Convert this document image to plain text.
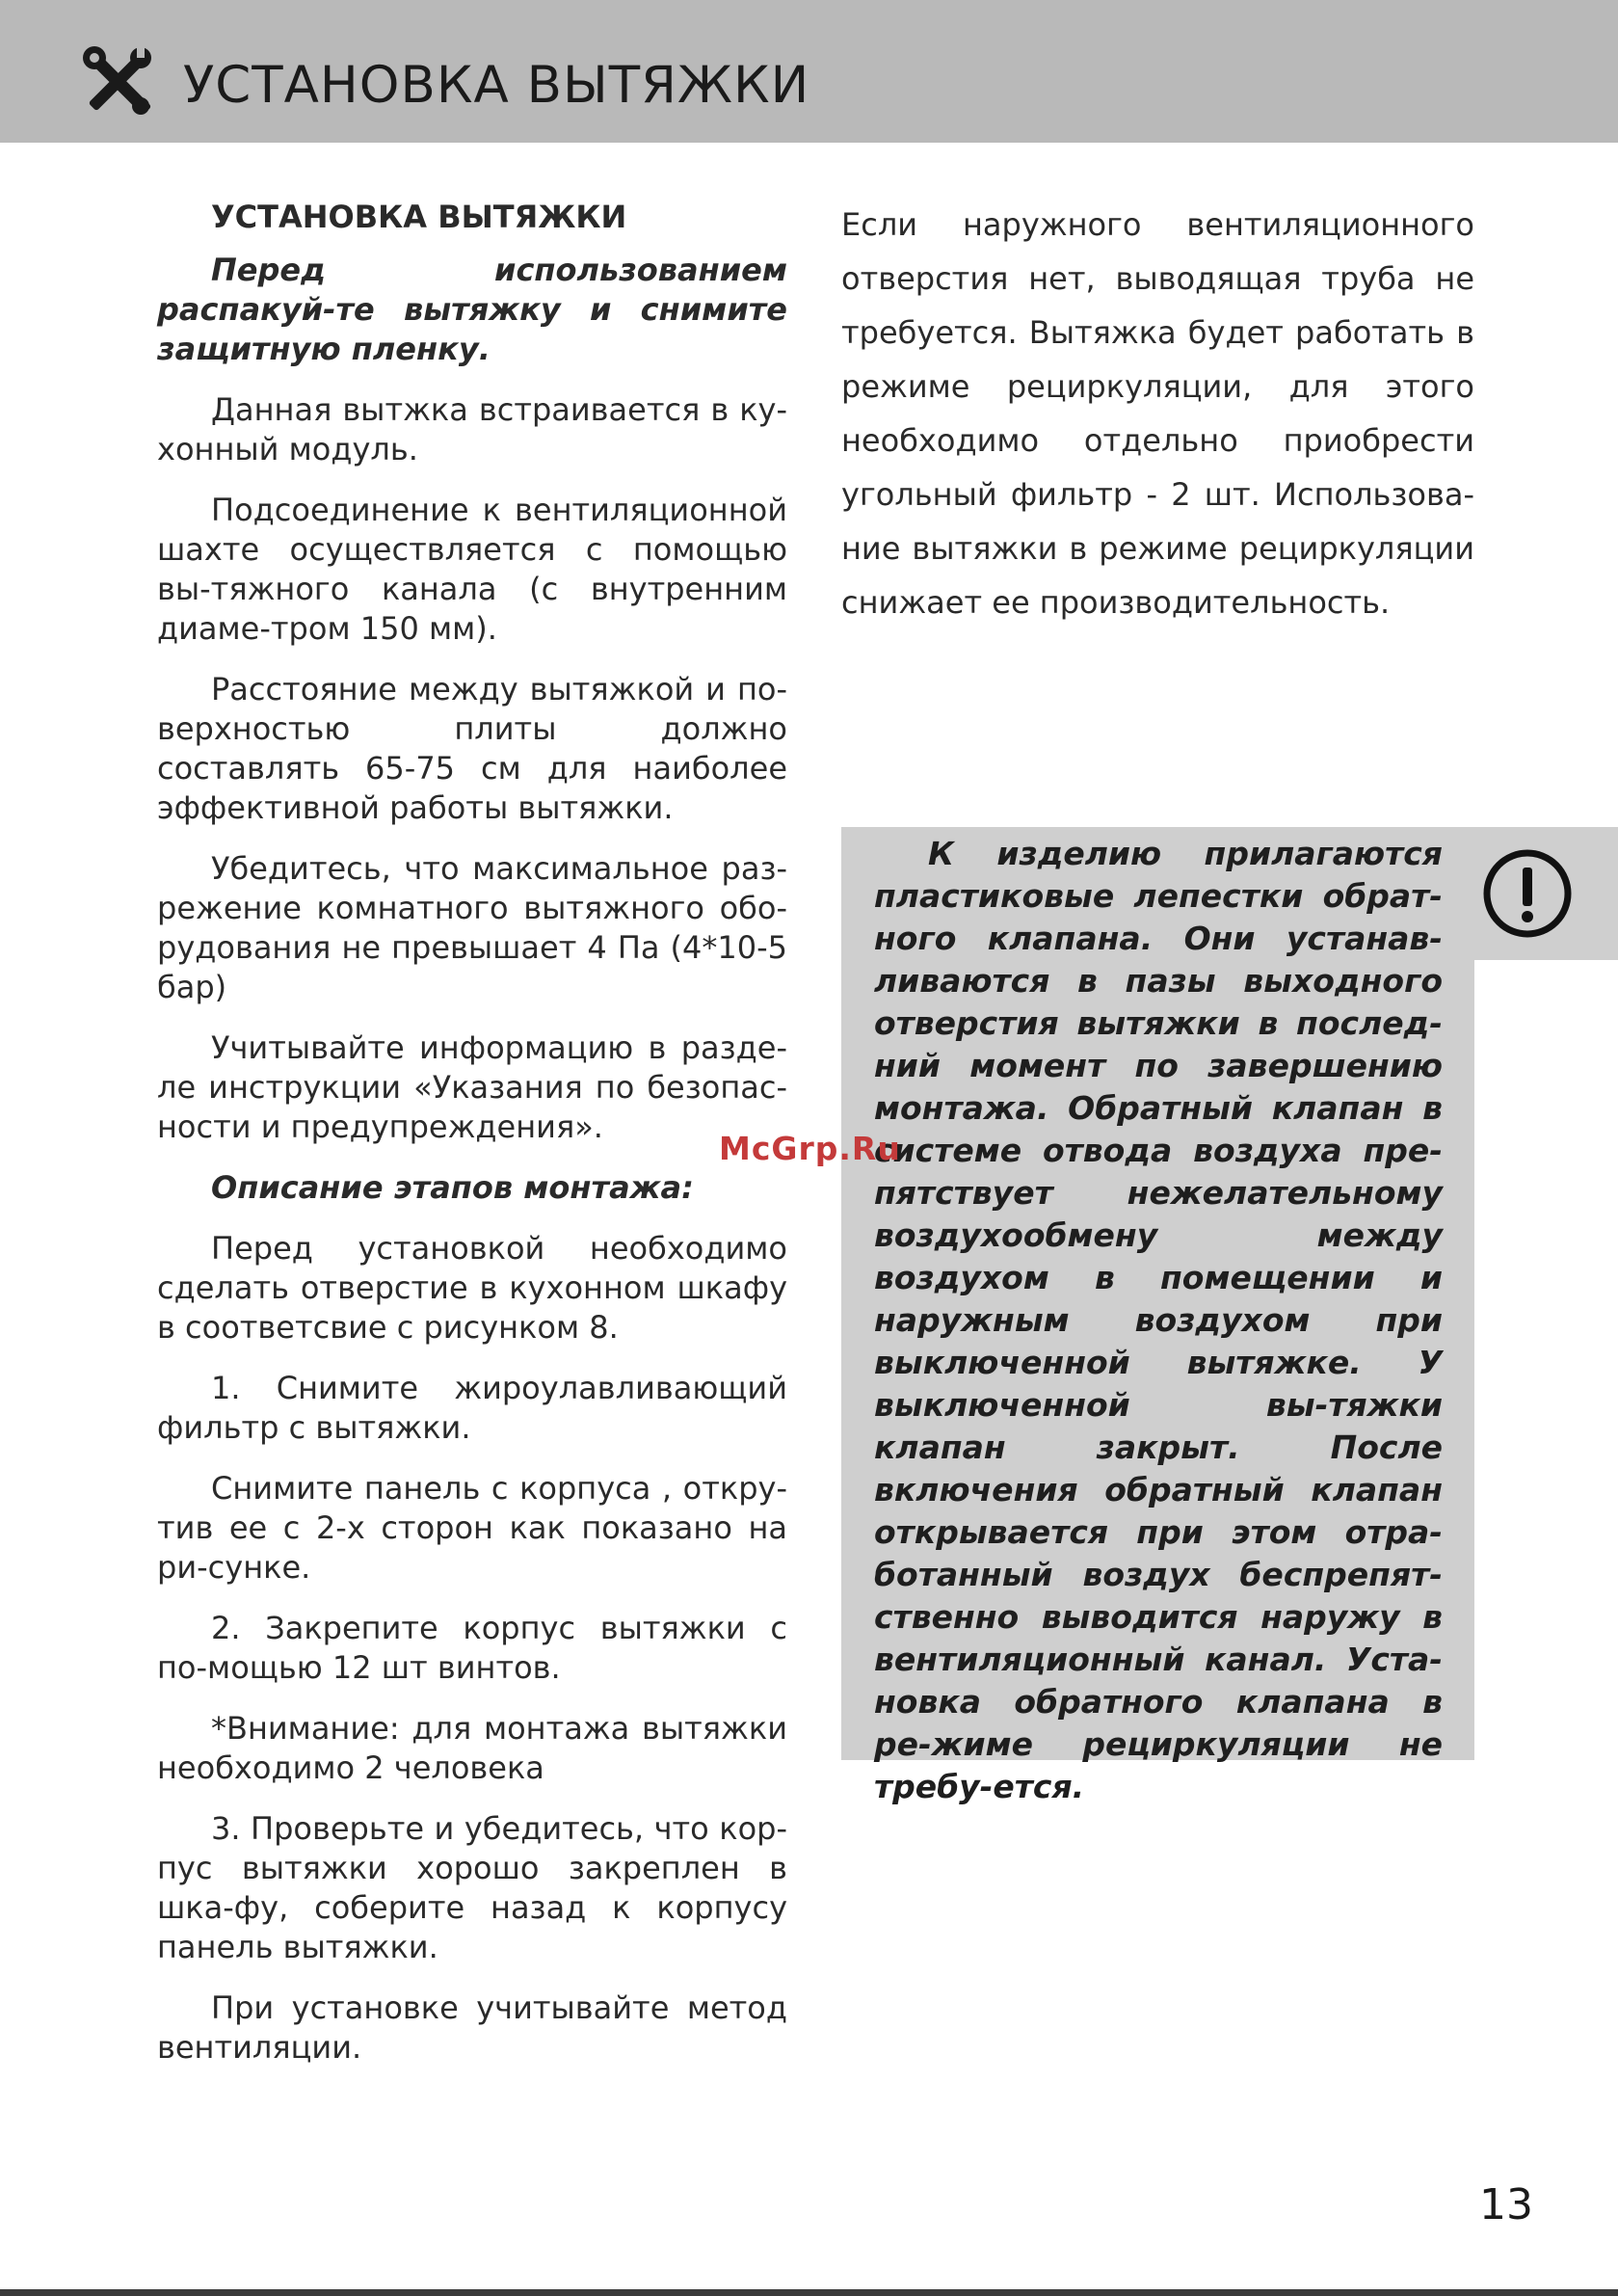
УСТАНОВКА ВЫТЯЖКИ
УСТАНОВКА ВЫТЯЖКИ

Перед использованием распакуй-те вытяжку и снимите защитную пленку.

Данная вытжка встраивается в ку-хонный модуль.

Подсоединение к вентиляционной шахте осуществляется с помощью вы-тяжного канала (с внутренним диаме-тром 150 мм).

Расстояние между вытяжкой и по-верхностью плиты должно составлять 65-75 см для наиболее эффективной работы вытяжки.

Убедитесь, что максимальное раз-режение комнатного вытяжного обо-рудования не превышает 4 Па (4*10-5 бар)

Учитывайте информацию в разде-ле инструкции «Указания по безопас-ности и предупреждения».

Описание этапов монтажа:

Перед установкой необходимо сделать отверстие в кухонном шкафу в соответсвие с рисунком 8.

1. Снимите жироулавливающий фильтр с вытяжки.

Снимите панель с корпуса , откру-тив ее с 2-х сторон как показано на ри-сунке.

2. Закрепите корпус вытяжки с по-мощью 12 шт винтов.

*Внимание: для монтажа вытяжки необходимо 2 человека

3. Проверьте и убедитесь, что кор-пус вытяжки хорошо закреплен в шка-фу, соберите назад к корпусу панель вытяжки.

При установке учитывайте метод вентиляции.

Если наружного вентиляционного отверстия нет, выводящая труба не требуется. Вытяжка будет работать в режиме рециркуляции, для этого необходимо отдельно приобрести угольный фильтр - 2 шт. Использова-ние вытяжки в режиме рециркуляции снижает ее производительность.

К изделию прилагаются пластиковые лепестки обрат-ного клапана. Они устанав-ливаются в пазы выходного отверстия вытяжки в послед-ний момент по завершению монтажа. Обратный клапан в системе отвода воздуха пре-пятствует нежелательному воздухообмену между воздухом в помещении и наружным воздухом при выключенной вытяжке. У выключенной вы-тяжки клапан закрыт. После включения обратный клапан открывается при этом отра-ботанный воздух беспрепят-ственно выводится наружу в вентиляционный канал. Уста-новка обратного клапана в ре-жиме рециркуляции не требу-ется.

McGrp.Ru
13
